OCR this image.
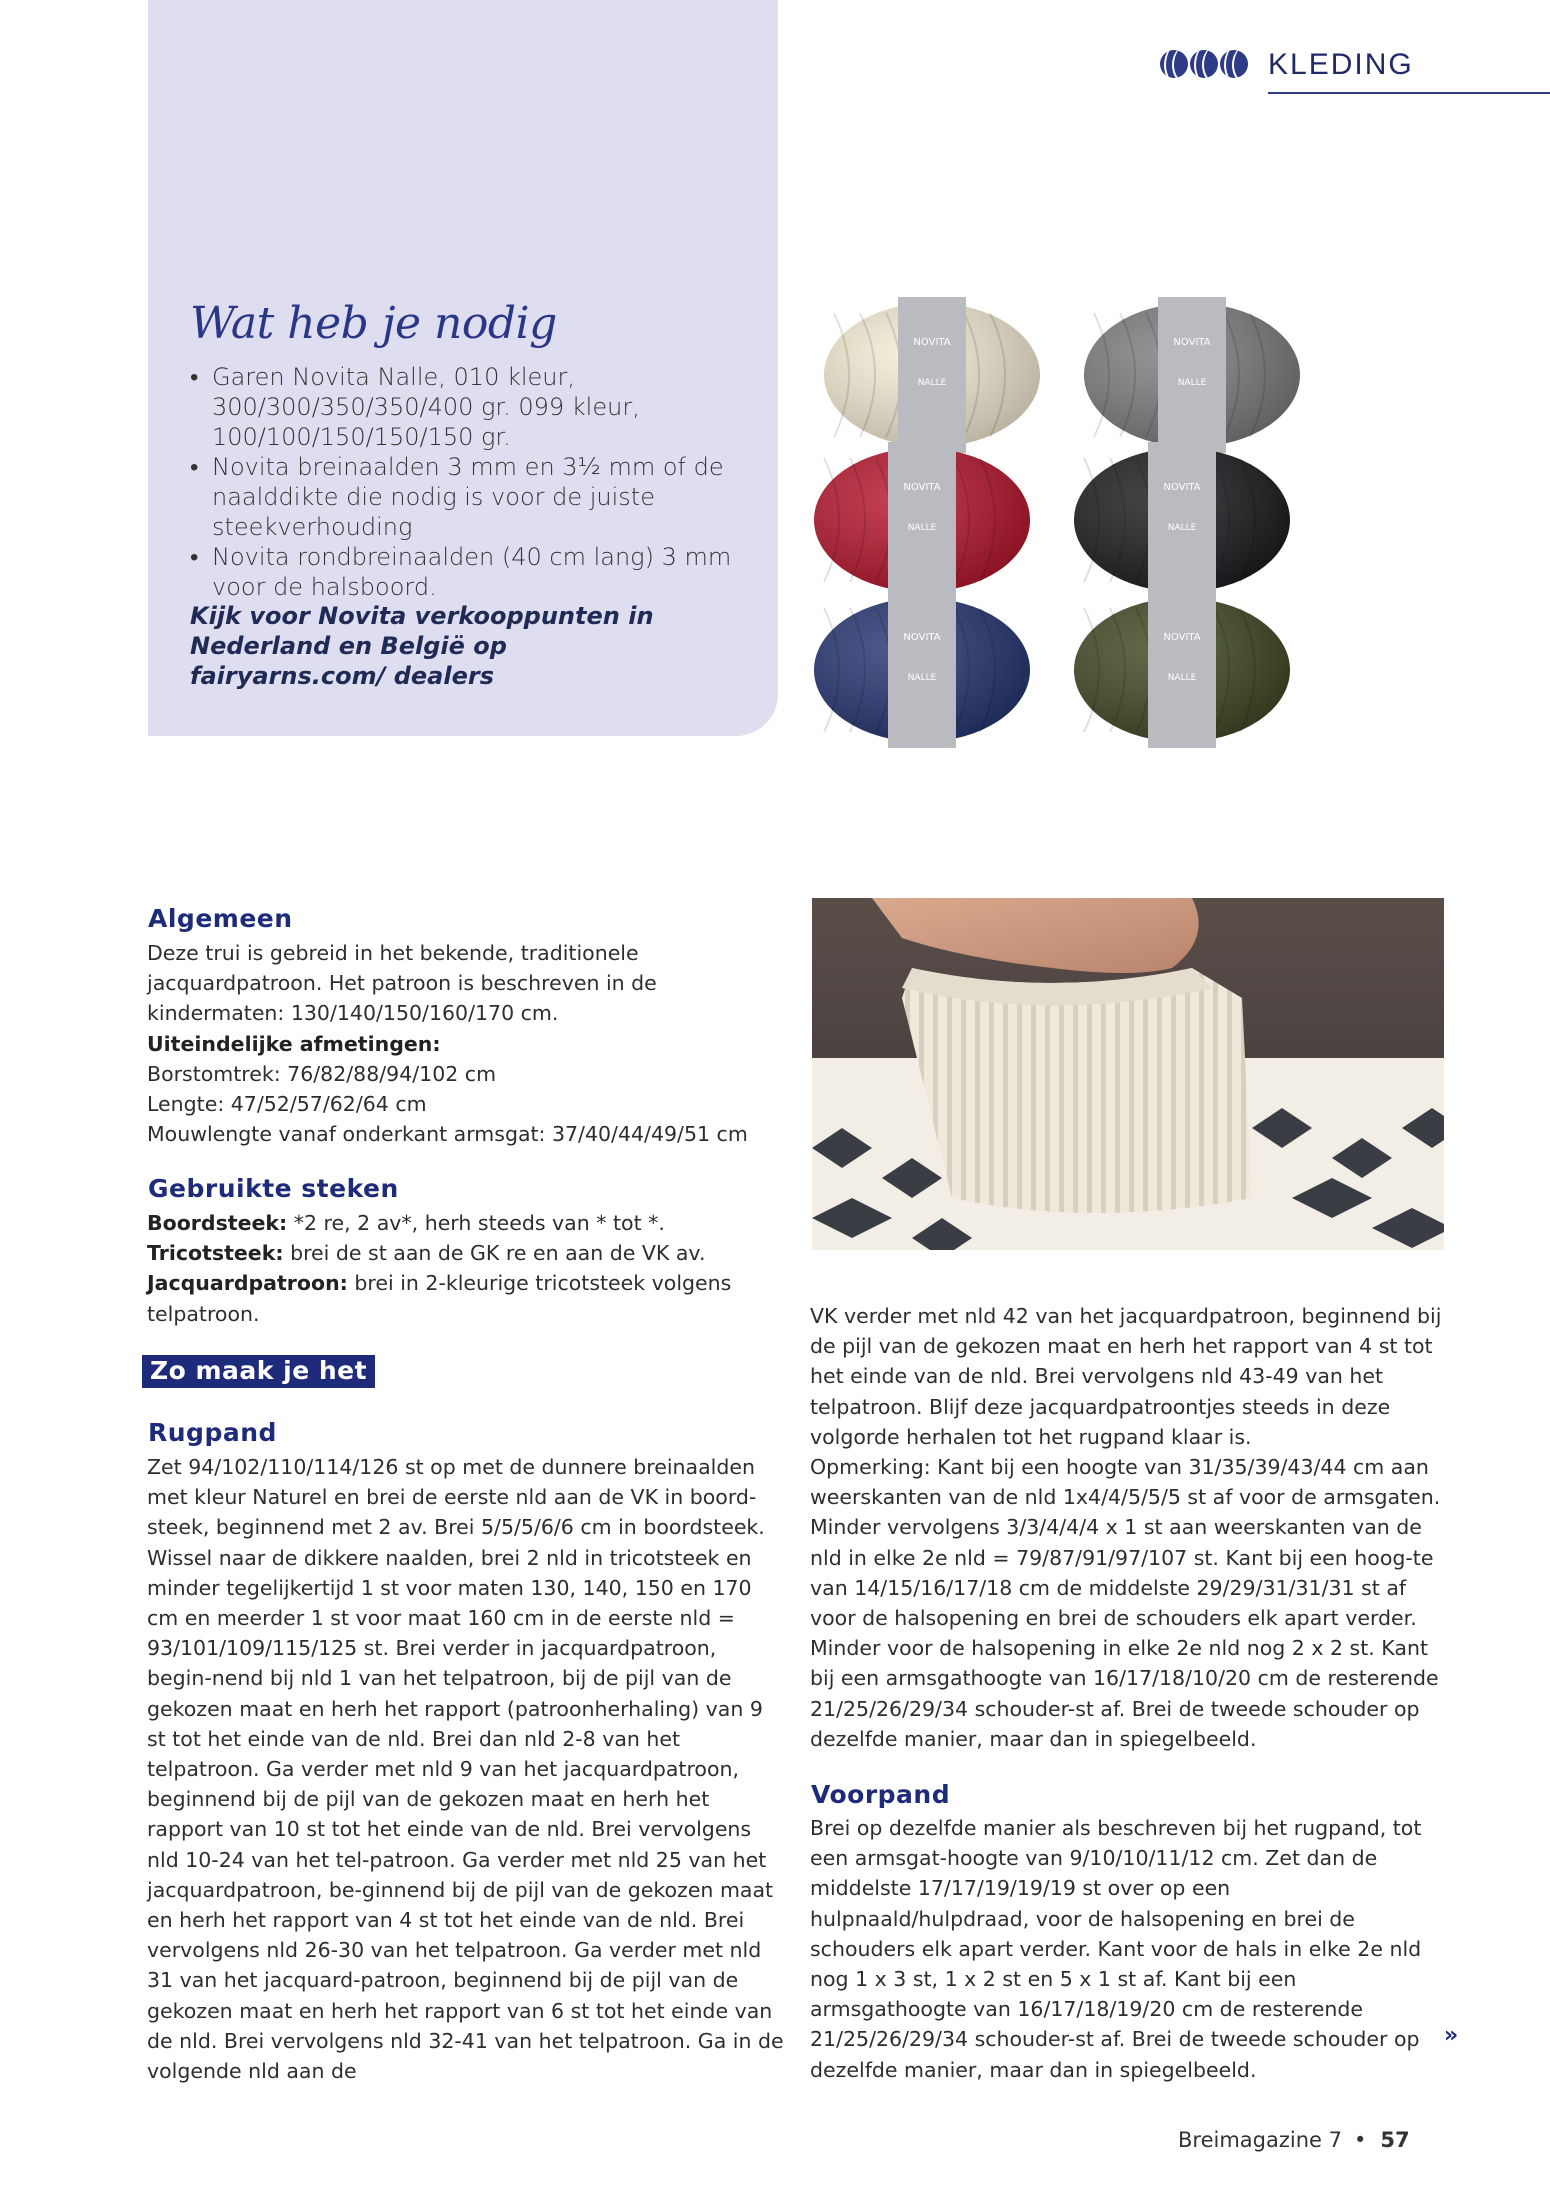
KLEDING
Wat heb je nodig
• Garen Novita Nalle, 010 kleur, 300/300/350/350/400 gr. 099 kleur, 100/100/150/150/150 gr.
• Novita breinaalden 3 mm en 3½ mm of de naalddikte die nodig is voor de juiste steekverhouding
• Novita rondbreinaalden (40 cm lang) 3 mm voor de halsboord.
Kijk voor Novita verkooppunten in Nederland en België op fairyarns.com/ dealers
NOVITA
NALLE
NOVITA
NALLE
NOVITA
NALLE
NOVITA
NALLE
NOVITA
NALLE
NOVITA
NALLE
Algemeen

Deze trui is gebreid in het bekende, traditionele jacquardpatroon. Het patroon is beschreven in de kindermaten: 130/140/150/160/170 cm.

Uiteindelijke afmetingen:

Borstomtrek: 76/82/88/94/102 cm

Lengte: 47/52/57/62/64 cm

Mouwlengte vanaf onderkant armsgat: 37/40/44/49/51 cm

Gebruikte steken

Boordsteek: *2 re, 2 av*, herh steeds van * tot *.

Tricotsteek: brei de st aan de GK re en aan de VK av.

Jacquardpatroon: brei in 2-kleurige tricotsteek volgens telpatroon.

Zo maak je het
Rugpand
Zet 94/102/110/114/126 st op met de dunnere breinaalden met kleur Naturel en brei de eerste nld aan de VK in boord-steek, beginnend met 2 av. Brei 5/5/5/6/6 cm in boordsteek. Wissel naar de dikkere naalden, brei 2 nld in tricotsteek en minder tegelijkertijd 1 st voor maten 130, 140, 150 en 170 cm en meerder 1 st voor maat 160 cm in de eerste nld = 93/101/109/115/125 st. Brei verder in jacquardpatroon, begin-nend bij nld 1 van het telpatroon, bij de pijl van de gekozen maat en herh het rapport (patroonherhaling) van 9 st tot het einde van de nld. Brei dan nld 2-8 van het telpatroon. Ga verder met nld 9 van het jacquardpatroon, beginnend bij de pijl van de gekozen maat en herh het rapport van 10 st tot het einde van de nld. Brei vervolgens nld 10-24 van het tel-patroon. Ga verder met nld 25 van het jacquardpatroon, be-ginnend bij de pijl van de gekozen maat en herh het rapport van 4 st tot het einde van de nld. Brei vervolgens nld 26-30 van het telpatroon. Ga verder met nld 31 van het jacquard-patroon, beginnend bij de pijl van de gekozen maat en herh het rapport van 6 st tot het einde van de nld. Brei vervolgens nld 32-41 van het telpatroon. Ga in de volgende nld aan de

VK verder met nld 42 van het jacquardpatroon, beginnend bij de pijl van de gekozen maat en herh het rapport van 4 st tot het einde van de nld. Brei vervolgens nld 43-49 van het telpatroon. Blijf deze jacquardpatroontjes steeds in deze volgorde herhalen tot het rugpand klaar is.

Opmerking: Kant bij een hoogte van 31/35/39/43/44 cm aan weerskanten van de nld 1x4/4/5/5/5 st af voor de armsgaten. Minder vervolgens 3/3/4/4/4 x 1 st aan weerskanten van de nld in elke 2e nld = 79/87/91/97/107 st. Kant bij een hoog-te van 14/15/16/17/18 cm de middelste 29/29/31/31/31 st af voor de halsopening en brei de schouders elk apart verder. Minder voor de halsopening in elke 2e nld nog 2 x 2 st. Kant bij een armsgathoogte van 16/17/18/10/20 cm de resterende 21/25/26/29/34 schouder-st af. Brei de tweede schouder op dezelfde manier, maar dan in spiegelbeeld.

Voorpand
Brei op dezelfde manier als beschreven bij het rugpand, tot een armsgat-hoogte van 9/10/10/11/12 cm. Zet dan de middelste 17/17/19/19/19 st over op een hulpnaald/hulpdraad, voor de halsopening en brei de schouders elk apart verder. Kant voor de hals in elke 2e nld nog 1 x 3 st, 1 x 2 st en 5 x 1 st af. Kant bij een armsgathoogte van 16/17/18/19/20 cm de resterende 21/25/26/29/34 schouder-st af. Brei de tweede schouder op dezelfde manier, maar dan in spiegelbeeld.
»
Breimagazine 7 • 57
